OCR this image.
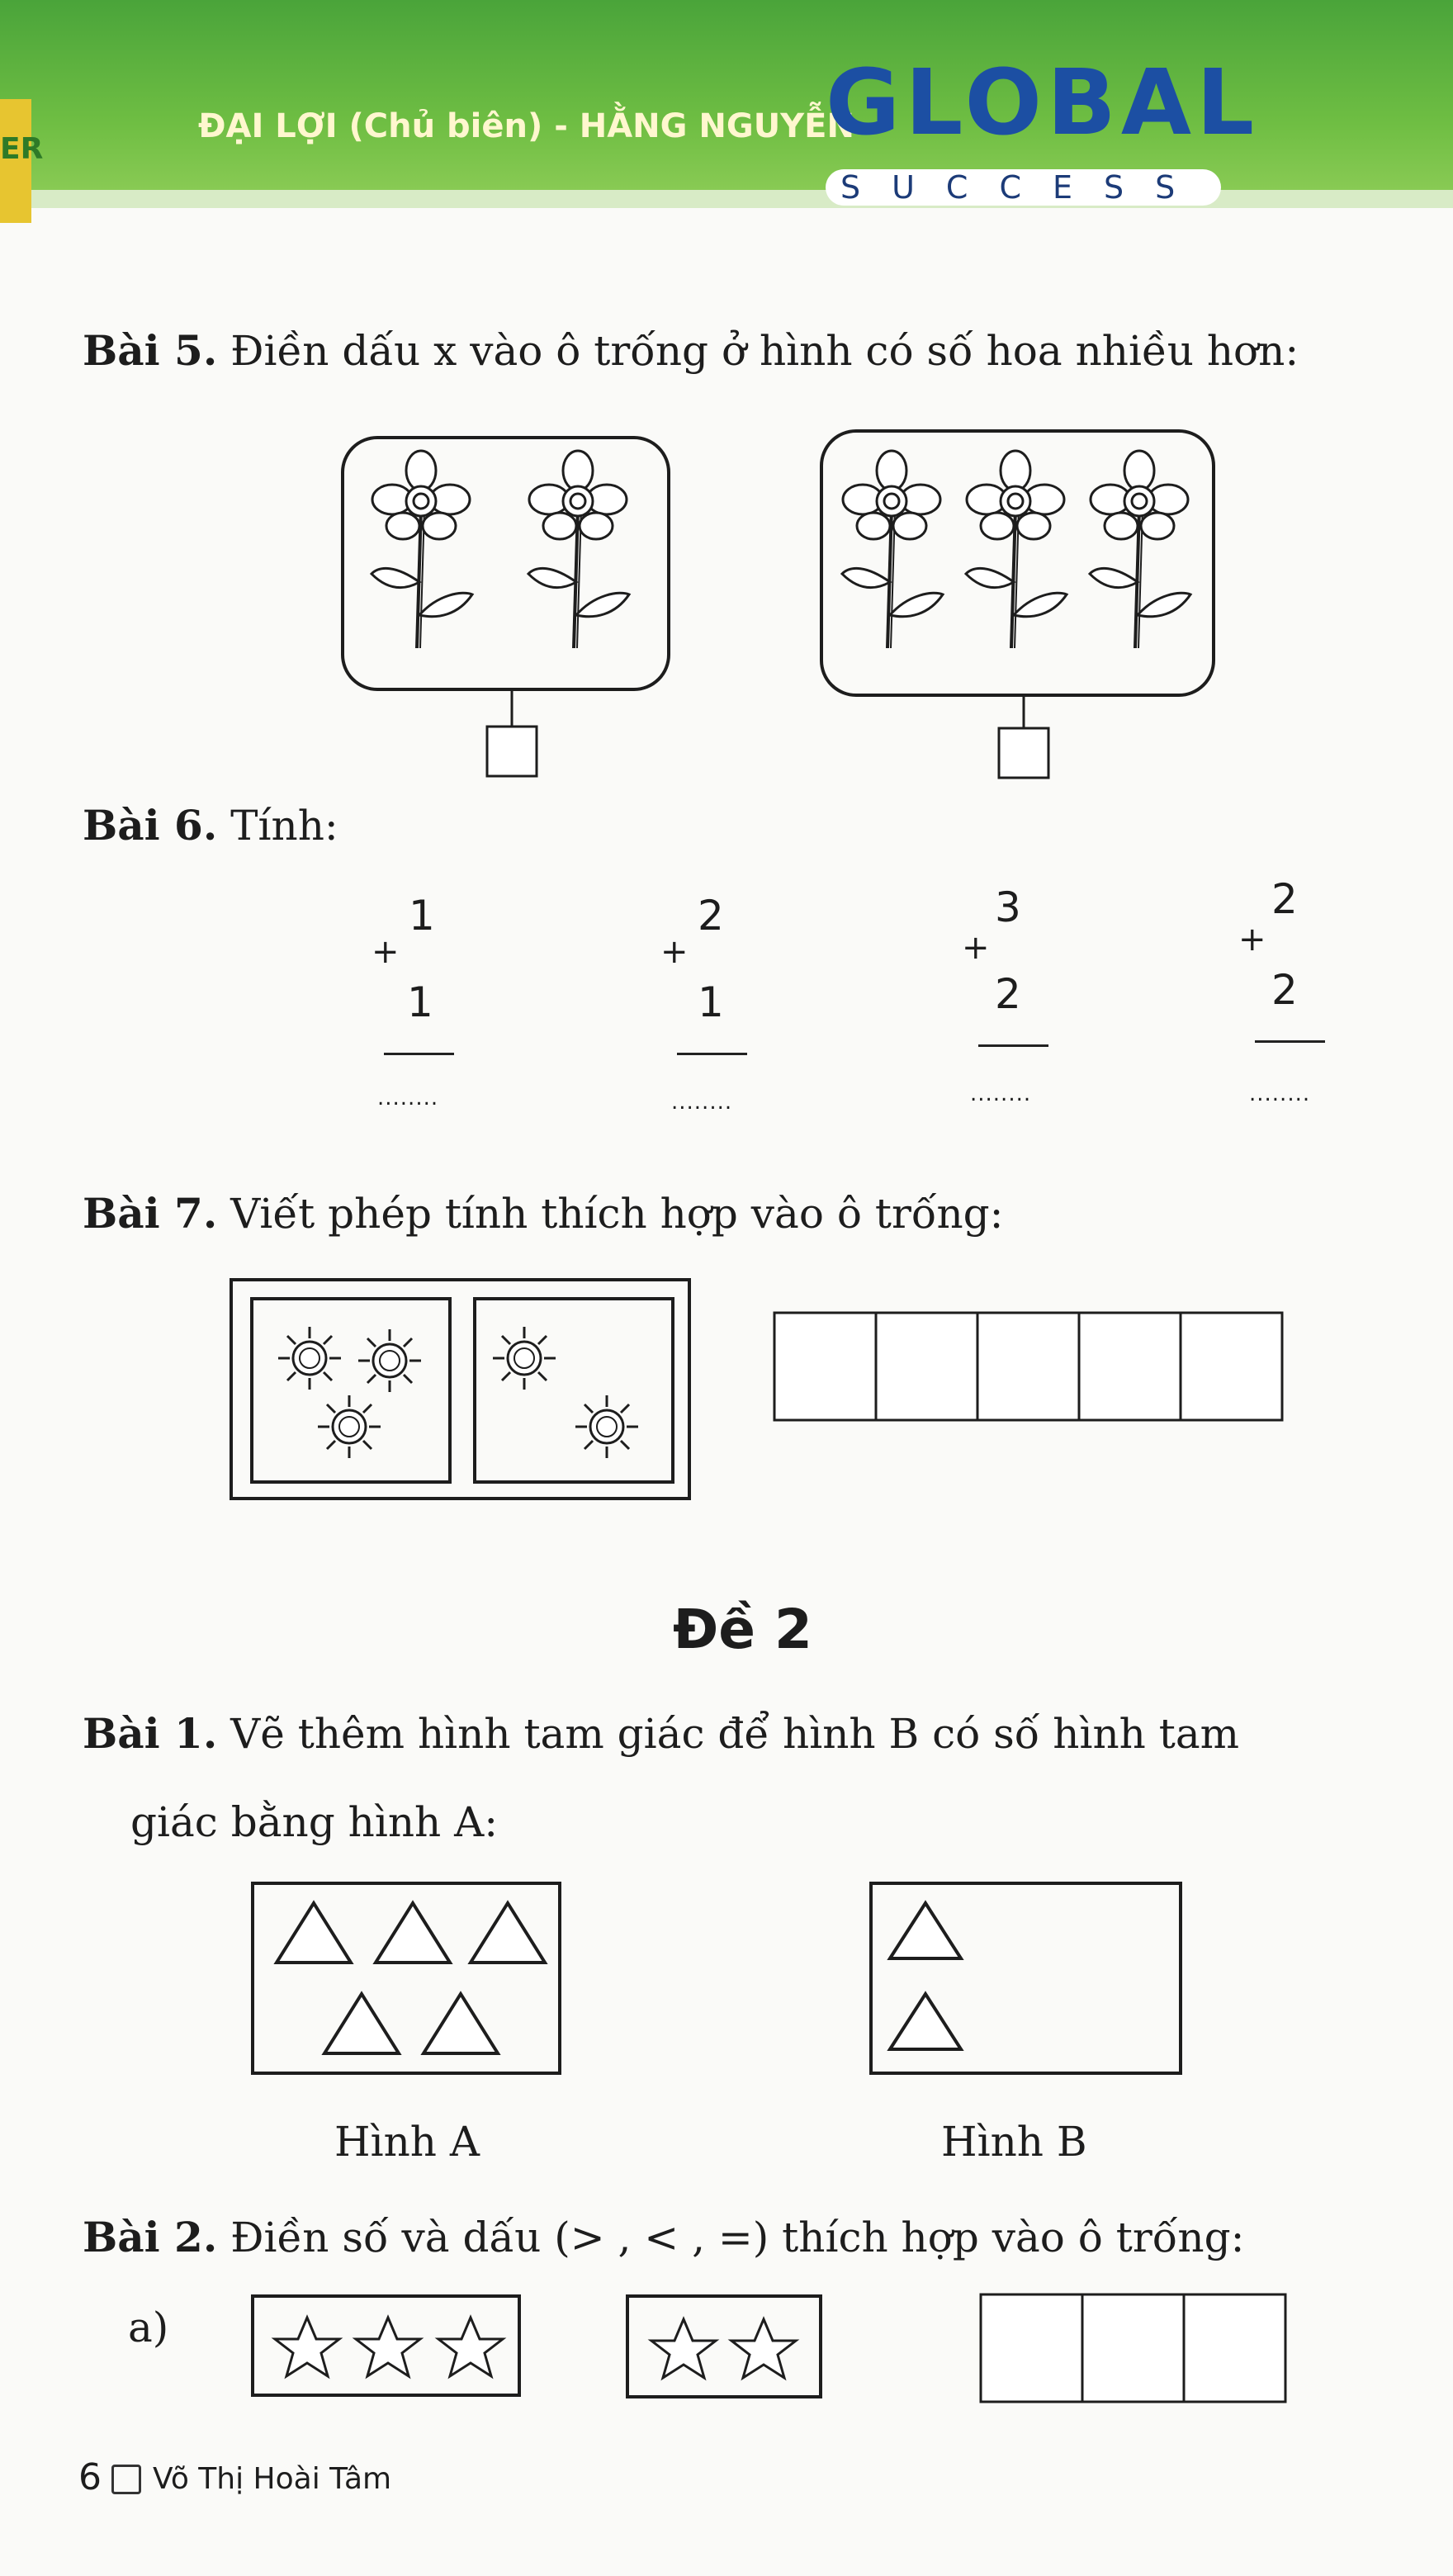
ER
ĐẠI LỢI (Chủ biên) - HẰNG NGUYỄN
GLOBAL
SUCCESS
Bài 5. Điền dấu x vào ô trống ở hình có số hoa nhiều hơn:
Bài 6. Tính:
+
1
1
........
+
2
1
........
+
3
2
........
+
2
2
........
Bài 7. Viết phép tính thích hợp vào ô trống:
Đề 2
Bài 1. Vẽ thêm hình tam giác để hình B có số hình tam
giác bằng hình A:
Hình A	Hình B
Bài 2. Điền số và dấu (> , < , =) thích hợp vào ô trống:
a)
6 Võ Thị Hoài Tâm
